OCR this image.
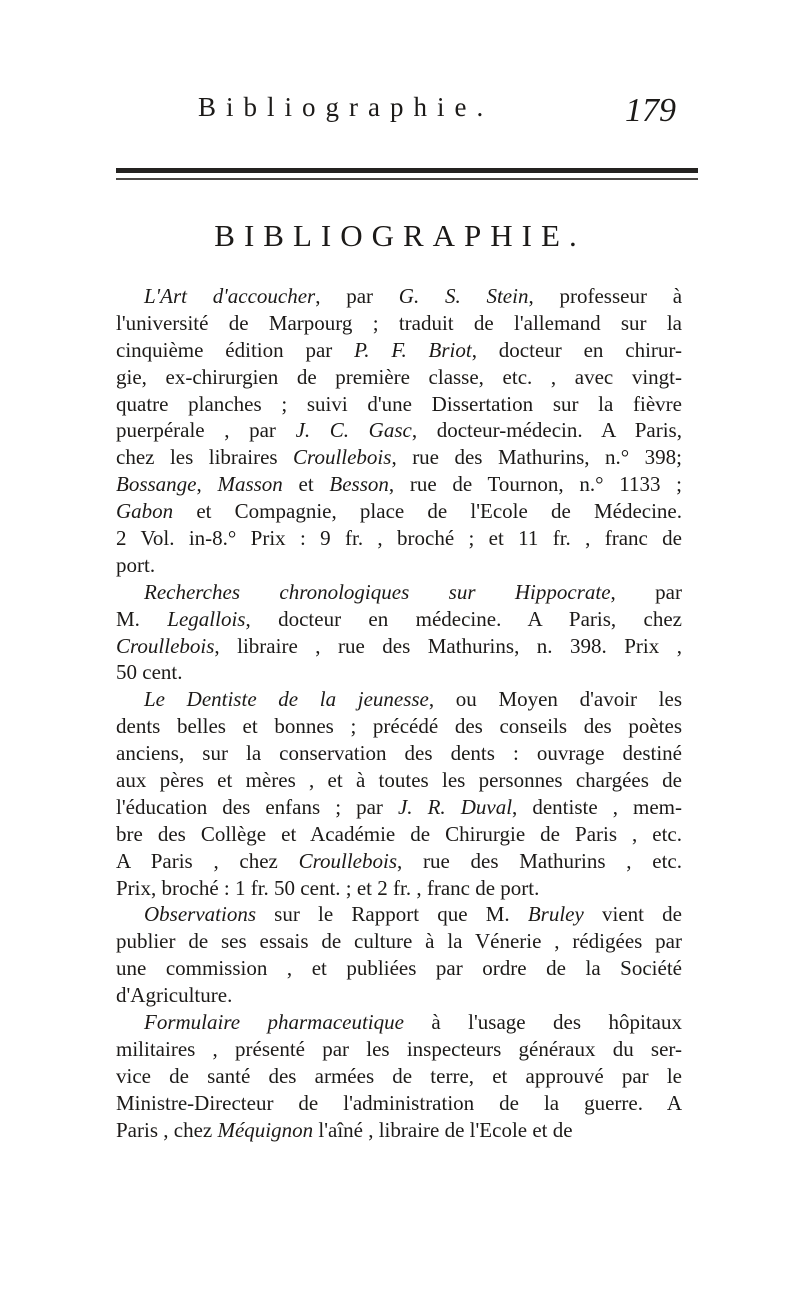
Bibliographie.	179
BIBLIOGRAPHIE.
L'Art d'accoucher, par G. S. Stein, professeur à
l'université de Marpourg ; traduit de l'allemand sur la
cinquième édition par P. F. Briot, docteur en chirur-
gie, ex-chirurgien de première classe, etc. , avec vingt-
quatre planches ; suivi d'une Dissertation sur la fièvre
puerpérale , par J. C. Gasc, docteur-médecin. A Paris,
chez les libraires Croullebois, rue des Mathurins, n.° 398;
Bossange, Masson et Besson, rue de Tournon, n.° 1133 ;
Gabon et Compagnie, place de l'Ecole de Médecine.
2 Vol. in-8.° Prix : 9 fr. , broché ; et 11 fr. , franc de
port.
Recherches chronologiques sur Hippocrate, par
M. Legallois, docteur en médecine. A Paris, chez
Croullebois, libraire , rue des Mathurins, n. 398. Prix ,
50 cent.
Le Dentiste de la jeunesse, ou Moyen d'avoir les
dents belles et bonnes ; précédé des conseils des poètes
anciens, sur la conservation des dents : ouvrage destiné
aux pères et mères , et à toutes les personnes chargées de
l'éducation des enfans ; par J. R. Duval, dentiste , mem-
bre des Collège et Académie de Chirurgie de Paris , etc.
A Paris , chez Croullebois, rue des Mathurins , etc.
Prix, broché : 1 fr. 50 cent. ; et 2 fr. , franc de port.
Observations sur le Rapport que M. Bruley vient de
publier de ses essais de culture à la Vénerie , rédigées par
une commission , et publiées par ordre de la Société
d'Agriculture.
Formulaire pharmaceutique à l'usage des hôpitaux
militaires , présenté par les inspecteurs généraux du ser-
vice de santé des armées de terre, et approuvé par le
Ministre-Directeur de l'administration de la guerre. A
Paris , chez Méquignon l'aîné , libraire de l'Ecole et de
